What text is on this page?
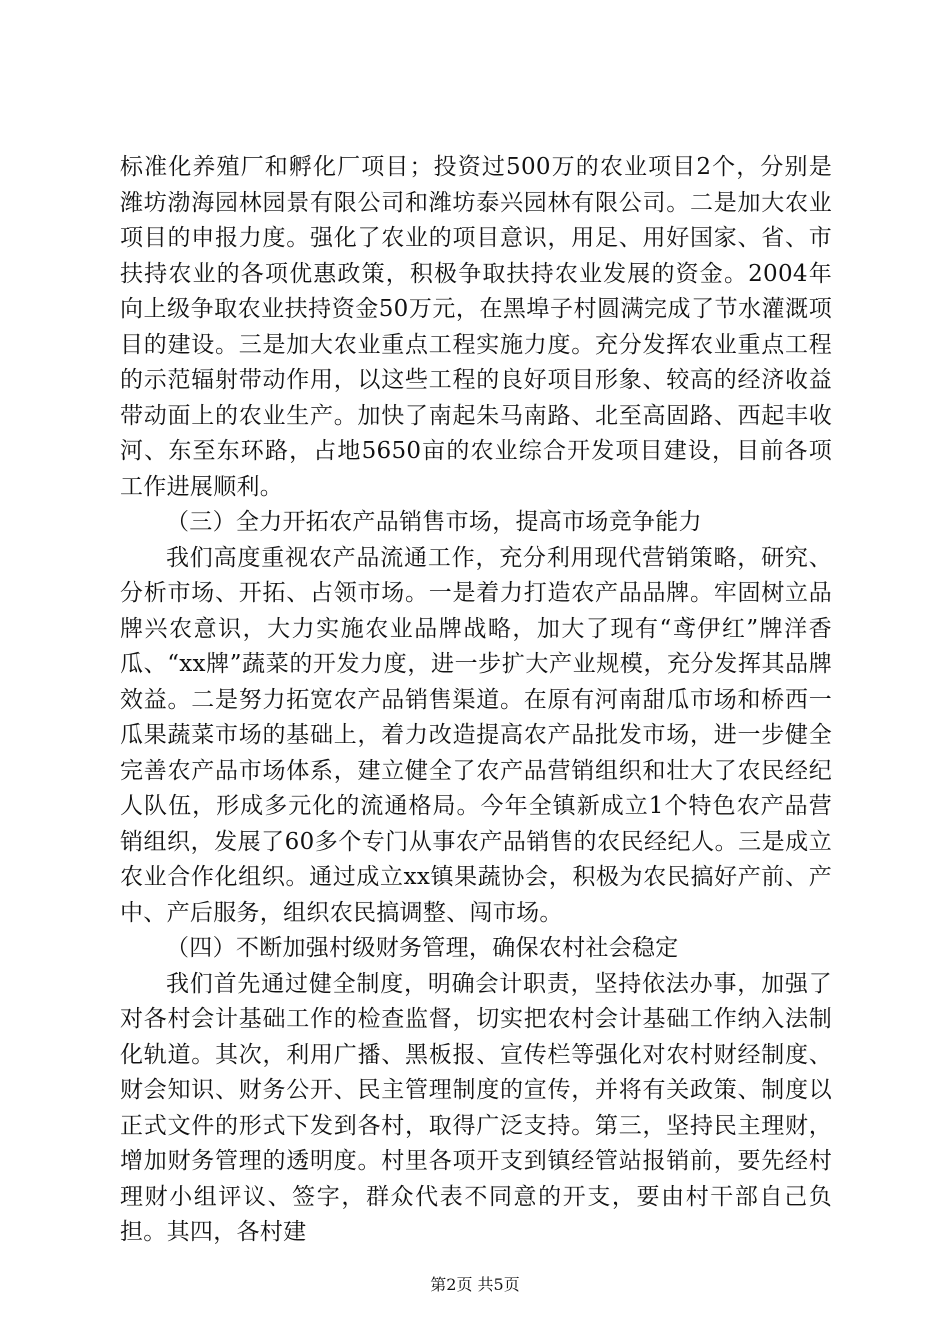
标准化养殖厂和孵化厂项目；投资过500万的农业项目2个，分别是潍坊渤海园林园景有限公司和潍坊泰兴园林有限公司。二是加大农业项目的申报力度。强化了农业的项目意识，用足、用好国家、省、市扶持农业的各项优惠政策，积极争取扶持农业发展的资金。2004年向上级争取农业扶持资金50万元，在黑埠子村圆满完成了节水灌溉项目的建设。三是加大农业重点工程实施力度。充分发挥农业重点工程的示范辐射带动作用，以这些工程的良好项目形象、较高的经济收益带动面上的农业生产。加快了南起朱马南路、北至高固路、西起丰收河、东至东环路，占地5650亩的农业综合开发项目建设，目前各项工作进展顺利。

（三）全力开拓农产品销售市场，提高市场竞争能力

我们高度重视农产品流通工作，充分利用现代营销策略，研究、分析市场、开拓、占领市场。一是着力打造农产品品牌。牢固树立品牌兴农意识，大力实施农业品牌战略，加大了现有“鸢伊红”牌洋香瓜、“xx牌”蔬菜的开发力度，进一步扩大产业规模，充分发挥其品牌效益。二是努力拓宽农产品销售渠道。在原有河南甜瓜市场和桥西一瓜果蔬菜市场的基础上，着力改造提高农产品批发市场，进一步健全完善农产品市场体系，建立健全了农产品营销组织和壮大了农民经纪人队伍，形成多元化的流通格局。今年全镇新成立1个特色农产品营销组织，发展了60多个专门从事农产品销售的农民经纪人。三是成立农业合作化组织。通过成立xx镇果蔬协会，积极为农民搞好产前、产中、产后服务，组织农民搞调整、闯市场。

（四）不断加强村级财务管理，确保农村社会稳定

我们首先通过健全制度，明确会计职责，坚持依法办事，加强了对各村会计基础工作的检查监督，切实把农村会计基础工作纳入法制化轨道。其次，利用广播、黑板报、宣传栏等强化对农村财经制度、财会知识、财务公开、民主管理制度的宣传，并将有关政策、制度以正式文件的形式下发到各村，取得广泛支持。第三，坚持民主理财，增加财务管理的透明度。村里各项开支到镇经管站报销前，要先经村理财小组评议、签字，群众代表不同意的开支，要由村干部自己负担。其四，各村建

第2页 共5页
